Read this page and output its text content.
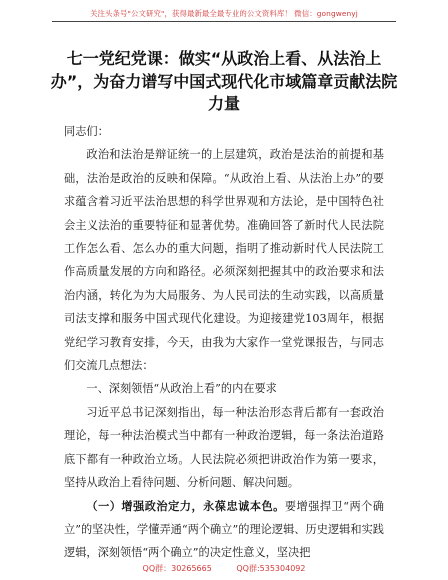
关注头条号"公文研究"，获得最新最全最专业的公文资料库！ 微信：gongwenyj
七一党纪党课：做实“从政治上看、从法治上办”，为奋力谱写中国式现代化市域篇章贡献法院力量

同志们：

政治和法治是辩证统一的上层建筑，政治是法治的前提和基础，法治是政治的反映和保障。“从政治上看、从法治上办”的要求蕴含着习近平法治思想的科学世界观和方法论，是中国特色社会主义法治的重要特征和显著优势。准确回答了新时代人民法院工作怎么看、怎么办的重大问题，指明了推动新时代人民法院工作高质量发展的方向和路径。必须深刻把握其中的政治要求和法治内涵，转化为为大局服务、为人民司法的生动实践，以高质量司法支撑和服务中国式现代化建设。为迎接建党103周年，根据党纪学习教育安排，今天，由我为大家作一堂党课报告，与同志们交流几点想法：

一、深刻领悟“从政治上看”的内在要求

习近平总书记深刻指出，每一种法治形态背后都有一套政治理论，每一种法治模式当中都有一种政治逻辑，每一条法治道路底下都有一种政治立场。人民法院必须把讲政治作为第一要求，坚持从政治上看待问题、分析问题、解决问题。

（一）增强政治定力，永葆忠诚本色。要增强捍卫“两个确立”的坚决性，学懂弄通“两个确立”的理论逻辑、历史逻辑和实践逻辑，深刻领悟“两个确立”的决定性意义，坚决把

QQ群：30265665	QQ群:535304092
